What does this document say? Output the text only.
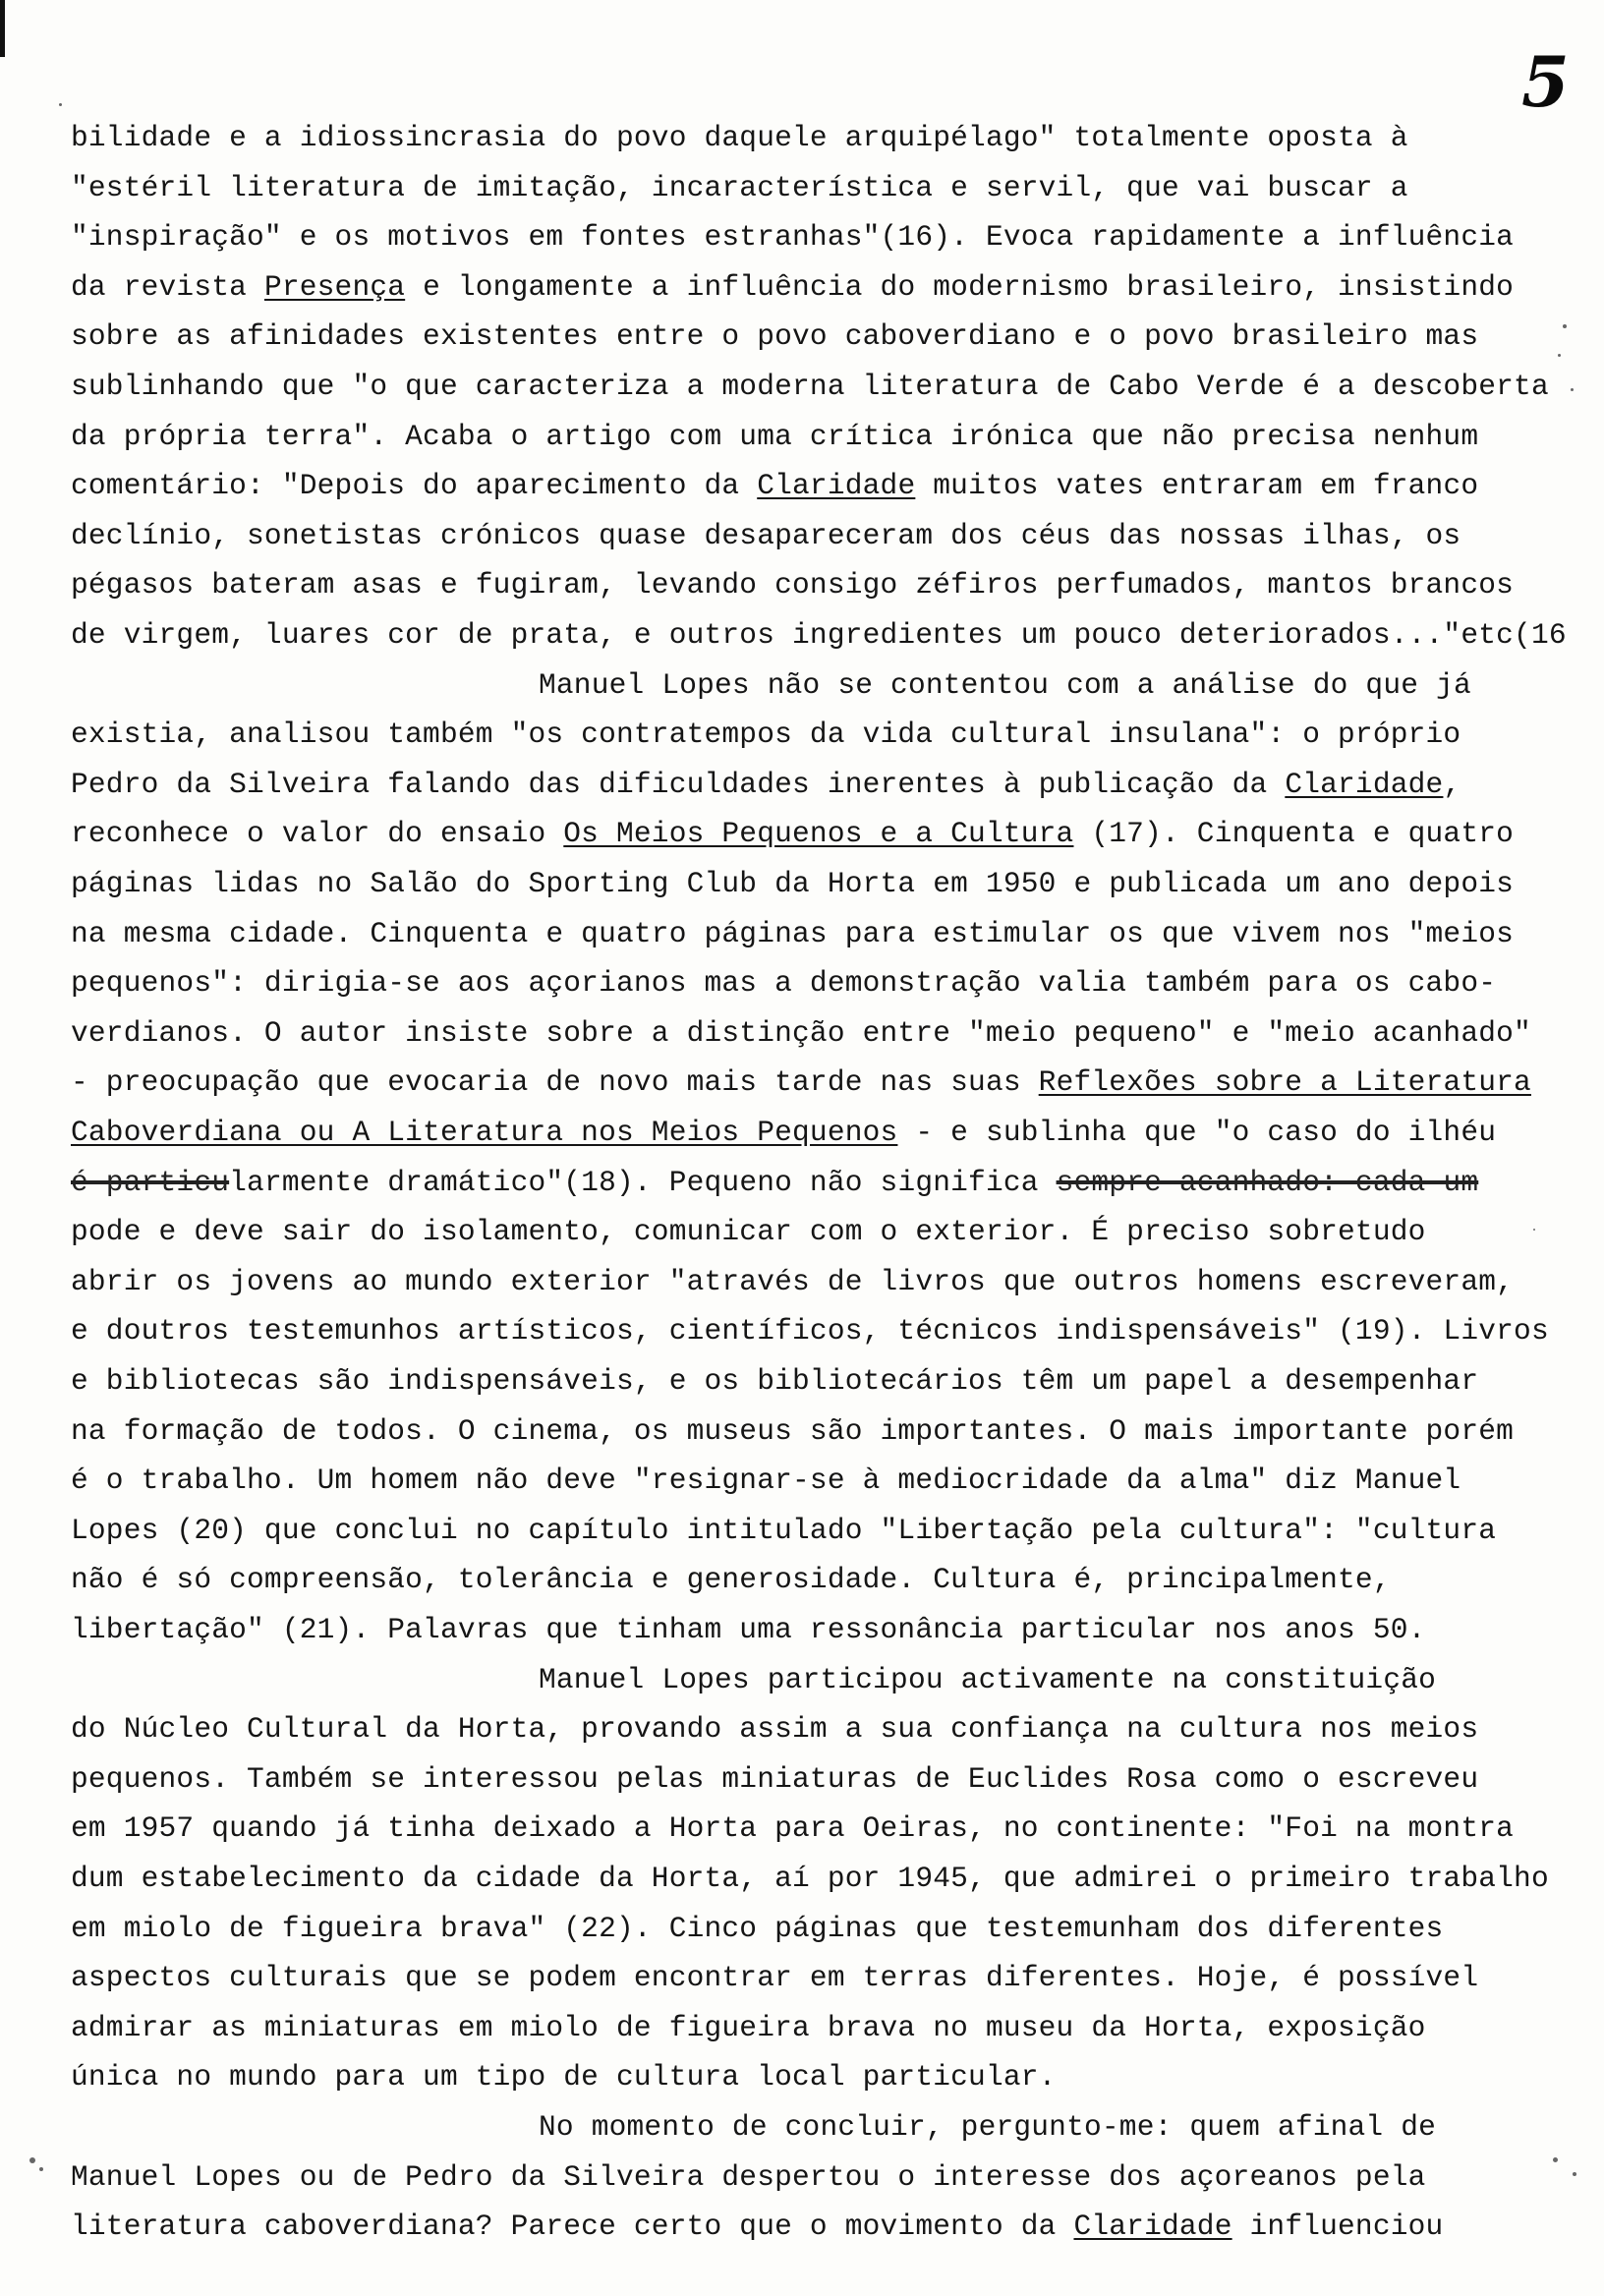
5
bilidade e a idiossincrasia do povo daquele arquipélago" totalmente oposta à
"estéril literatura de imitação, incaracterística e servil, que vai buscar a
"inspiração" e os motivos em fontes estranhas"(16). Evoca rapidamente a influência
da revista Presença e longamente a influência do modernismo brasileiro, insistindo
sobre as afinidades existentes entre o povo caboverdiano e o povo brasileiro mas
sublinhando que "o que caracteriza a moderna literatura de Cabo Verde é a descoberta
da própria terra". Acaba o artigo com uma crítica irónica que não precisa nenhum
comentário: "Depois do aparecimento da Claridade muitos vates entraram em franco
declínio, sonetistas crónicos quase desapareceram dos céus das nossas ilhas, os
pégasos bateram asas e fugiram, levando consigo zéfiros perfumados, mantos brancos
de virgem, luares cor de prata, e outros ingredientes um pouco deteriorados..."etc(16
Manuel Lopes não se contentou com a análise do que já
existia, analisou também "os contratempos da vida cultural insulana": o próprio
Pedro da Silveira falando das dificuldades inerentes à publicação da Claridade,
reconhece o valor do ensaio Os Meios Pequenos e a Cultura (17). Cinquenta e quatro
páginas lidas no Salão do Sporting Club da Horta em 1950 e publicada um ano depois
na mesma cidade. Cinquenta e quatro páginas para estimular os que vivem nos "meios
pequenos": dirigia-se aos açorianos mas a demonstração valia também para os cabo-
verdianos. O autor insiste sobre a distinção entre "meio pequeno" e "meio acanhado"
- preocupação que evocaria de novo mais tarde nas suas Reflexões sobre a Literatura
Caboverdiana ou A Literatura nos Meios Pequenos - e sublinha que "o caso do ilhéu
é particularmente dramático"(18). Pequeno não significa sempre acanhado: cada um
pode e deve sair do isolamento, comunicar com o exterior. É preciso sobretudo
abrir os jovens ao mundo exterior "através de livros que outros homens escreveram,
e doutros testemunhos artísticos, científicos, técnicos indispensáveis" (19). Livros
e bibliotecas são indispensáveis, e os bibliotecários têm um papel a desempenhar
na formação de todos. O cinema, os museus são importantes. O mais importante porém
é o trabalho. Um homem não deve "resignar-se à mediocridade da alma" diz Manuel
Lopes (20) que conclui no capítulo intitulado "Libertação pela cultura": "cultura
não é só compreensão, tolerância e generosidade. Cultura é, principalmente,
libertação" (21). Palavras que tinham uma ressonância particular nos anos 50.
Manuel Lopes participou activamente na constituição
do Núcleo Cultural da Horta, provando assim a sua confiança na cultura nos meios
pequenos. Também se interessou pelas miniaturas de Euclides Rosa como o escreveu
em 1957 quando já tinha deixado a Horta para Oeiras, no continente: "Foi na montra
dum estabelecimento da cidade da Horta, aí por 1945, que admirei o primeiro trabalho
em miolo de figueira brava" (22). Cinco páginas que testemunham dos diferentes
aspectos culturais que se podem encontrar em terras diferentes. Hoje, é possível
admirar as miniaturas em miolo de figueira brava no museu da Horta, exposição
única no mundo para um tipo de cultura local particular.
No momento de concluir, pergunto-me: quem afinal de
Manuel Lopes ou de Pedro da Silveira despertou o interesse dos açoreanos pela
literatura caboverdiana? Parece certo que o movimento da Claridade influenciou
